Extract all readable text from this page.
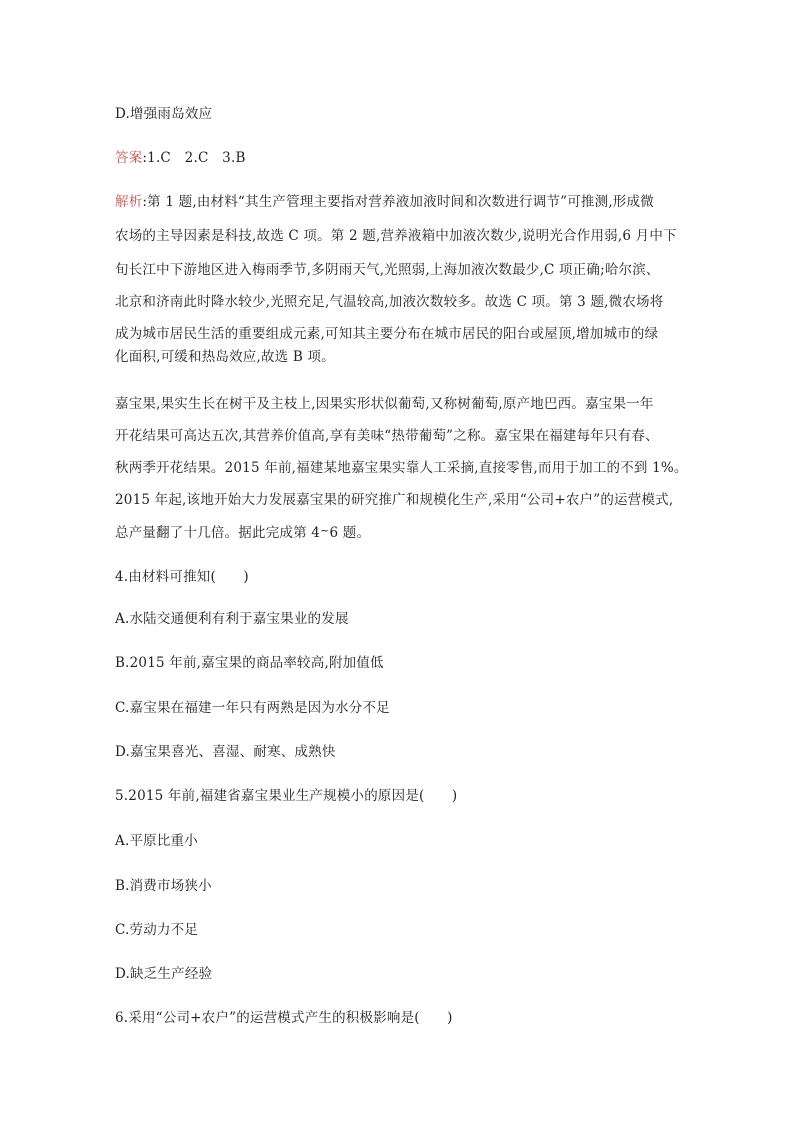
D.增强雨岛效应
答案:1.C　2.C　3.B
解析:第 1 题,由材料“其生产管理主要指对营养液加液时间和次数进行调节”可推测,形成微
农场的主导因素是科技,故选 C 项。第 2 题,营养液箱中加液次数少,说明光合作用弱,6 月中下
旬长江中下游地区进入梅雨季节,多阴雨天气,光照弱,上海加液次数最少,C 项正确;哈尔滨、
北京和济南此时降水较少,光照充足,气温较高,加液次数较多。故选 C 项。第 3 题,微农场将
成为城市居民生活的重要组成元素,可知其主要分布在城市居民的阳台或屋顶,增加城市的绿
化面积,可缓和热岛效应,故选 B 项。
嘉宝果,果实生长在树干及主枝上,因果实形状似葡萄,又称树葡萄,原产地巴西。嘉宝果一年
开花结果可高达五次,其营养价值高,享有美味“热带葡萄”之称。嘉宝果在福建每年只有春、
秋两季开花结果。2015 年前,福建某地嘉宝果实靠人工采摘,直接零售,而用于加工的不到 1%。
2015 年起,该地开始大力发展嘉宝果的研究推广和规模化生产,采用“公司+农户”的运营模式,
总产量翻了十几倍。据此完成第 4~6 题。
4.由材料可推知(　　)
A.水陆交通便利有利于嘉宝果业的发展
B.2015 年前,嘉宝果的商品率较高,附加值低
C.嘉宝果在福建一年只有两熟是因为水分不足
D.嘉宝果喜光、喜湿、耐寒、成熟快
5.2015 年前,福建省嘉宝果业生产规模小的原因是(　　)
A.平原比重小
B.消费市场狭小
C.劳动力不足
D.缺乏生产经验
6.采用“公司+农户”的运营模式产生的积极影响是(　　)
